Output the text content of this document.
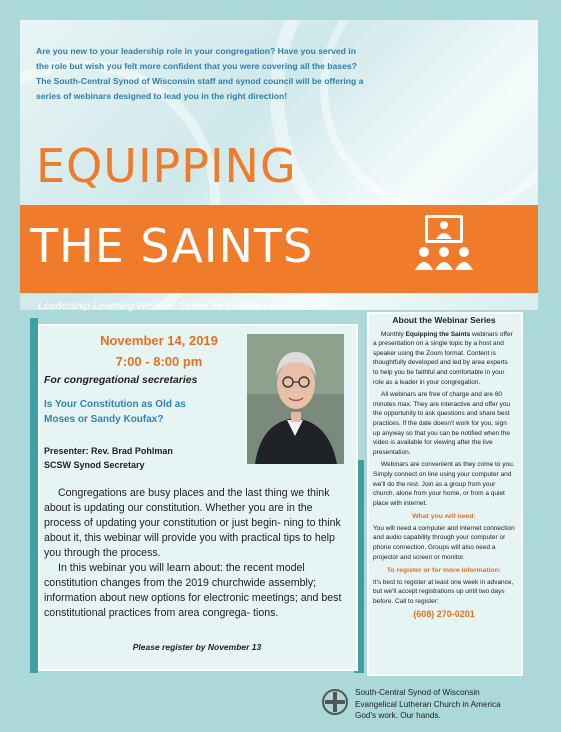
Are you new to your leadership role in your congregation? Have you served in the role but wish you felt more confident that you were covering all the bases? The South-Central Synod of Wisconsin staff and synod council will be offering a series of webinars designed to lead you in the right direction!
EQUIPPING
THE SAINTS
Leadership Learning Webinar Series for Faithful Leaders
November 14, 2019
7:00 - 8:00 pm
For congregational secretaries
Is Your Constitution as Old as Moses or Sandy Koufax?
Presenter: Rev. Brad Pohlman
SCSW Synod Secretary

Congregations are busy places and the last thing we think about is updating our constitution. Whether you are in the process of updating your constitution or just begin- ning to think about it, this webinar will provide you with practical tips to help you through the process.

In this webinar you will learn about: the recent model constitution changes from the 2019 churchwide assembly; information about new options for electronic meetings; and best constitutional practices from area congrega- tions.

Please register by November 13
About the Webinar Series

Monthly Equipping the Saints webinars offer a presentation on a single topic by a host and speaker using the Zoom format. Content is thoughtfully developed and led by area experts to help you be faithful and comfortable in your role as a leader in your congregation.

All webinars are free of charge and are 60 minutes max. They are interactive and offer you the opportunity to ask questions and share best practices. If the date doesn't work for you, sign up anyway so that you can be notified when the video is available for viewing after the live presentation.

Webinars are convenient as they come to you. Simply connect on line using your computer and we'll do the rest. Join as a group from your church, alone from your home, or from a quiet place with internet.

What you will need:

You will need a computer and internet connection and audio capability through your computer or phone connection. Groups will also need a projector and screen or monitor.

To register or for more information:

It's best to register at least one week in advance, but we'll accept registrations up until two days before. Call to register:

(608) 270-0201
South-Central Synod of Wisconsin
Evangelical Lutheran Church in America
God's work. Our hands.
